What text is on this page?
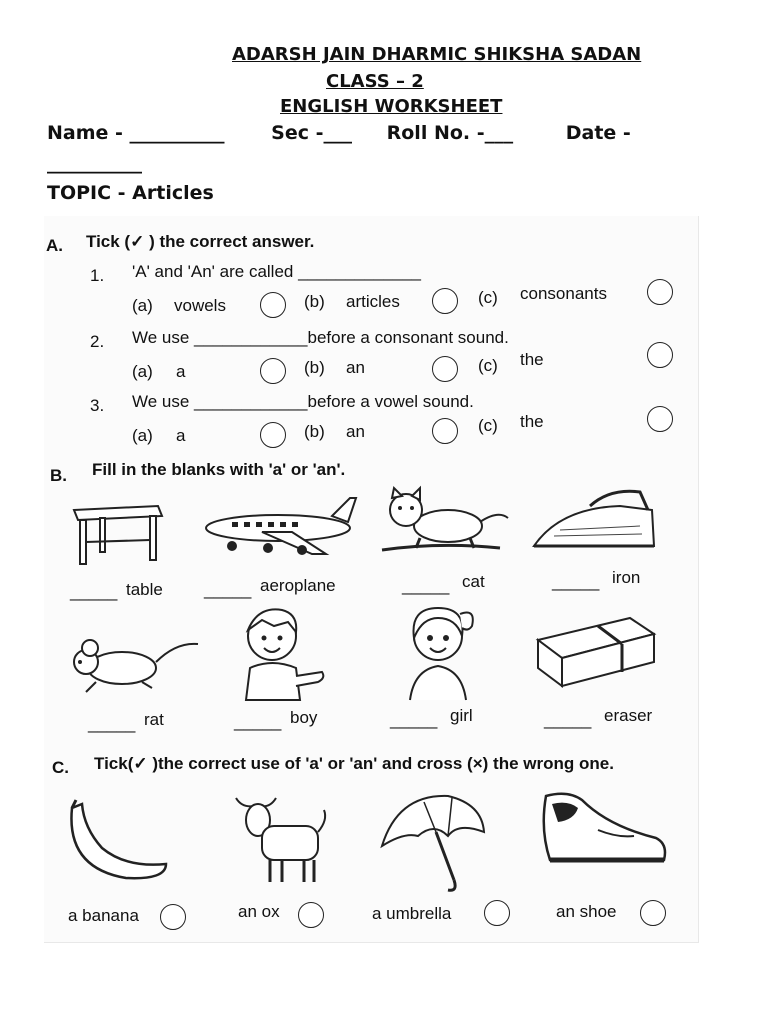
ADARSH JAIN DHARMIC SHIKSHA SADAN
CLASS – 2
ENGLISH WORKSHEET
Name - __________ Sec -___ Roll No. -___	Date -
__________
TOPIC - Articles
A. Tick (✓ ) the correct answer.
1. 'A' and 'An' are called _____________
(a) vowels	(b) articles	(c) consonants
2. We use ____________before a consonant sound.
(a) a	(b) an	(c) the
3. We use ____________before a vowel sound.
(a) a	(b) an	(c) the
B. Fill in the blanks with 'a' or 'an'.
_____ table _____ aeroplane	_____ cat	_____ iron
_____ rat	_____ boy	_____ girl	_____ eraser
C. Tick(✓ )the correct use of 'a' or 'an' and cross (×) the wrong one.
a banana	an ox	a umbrella	an shoe
